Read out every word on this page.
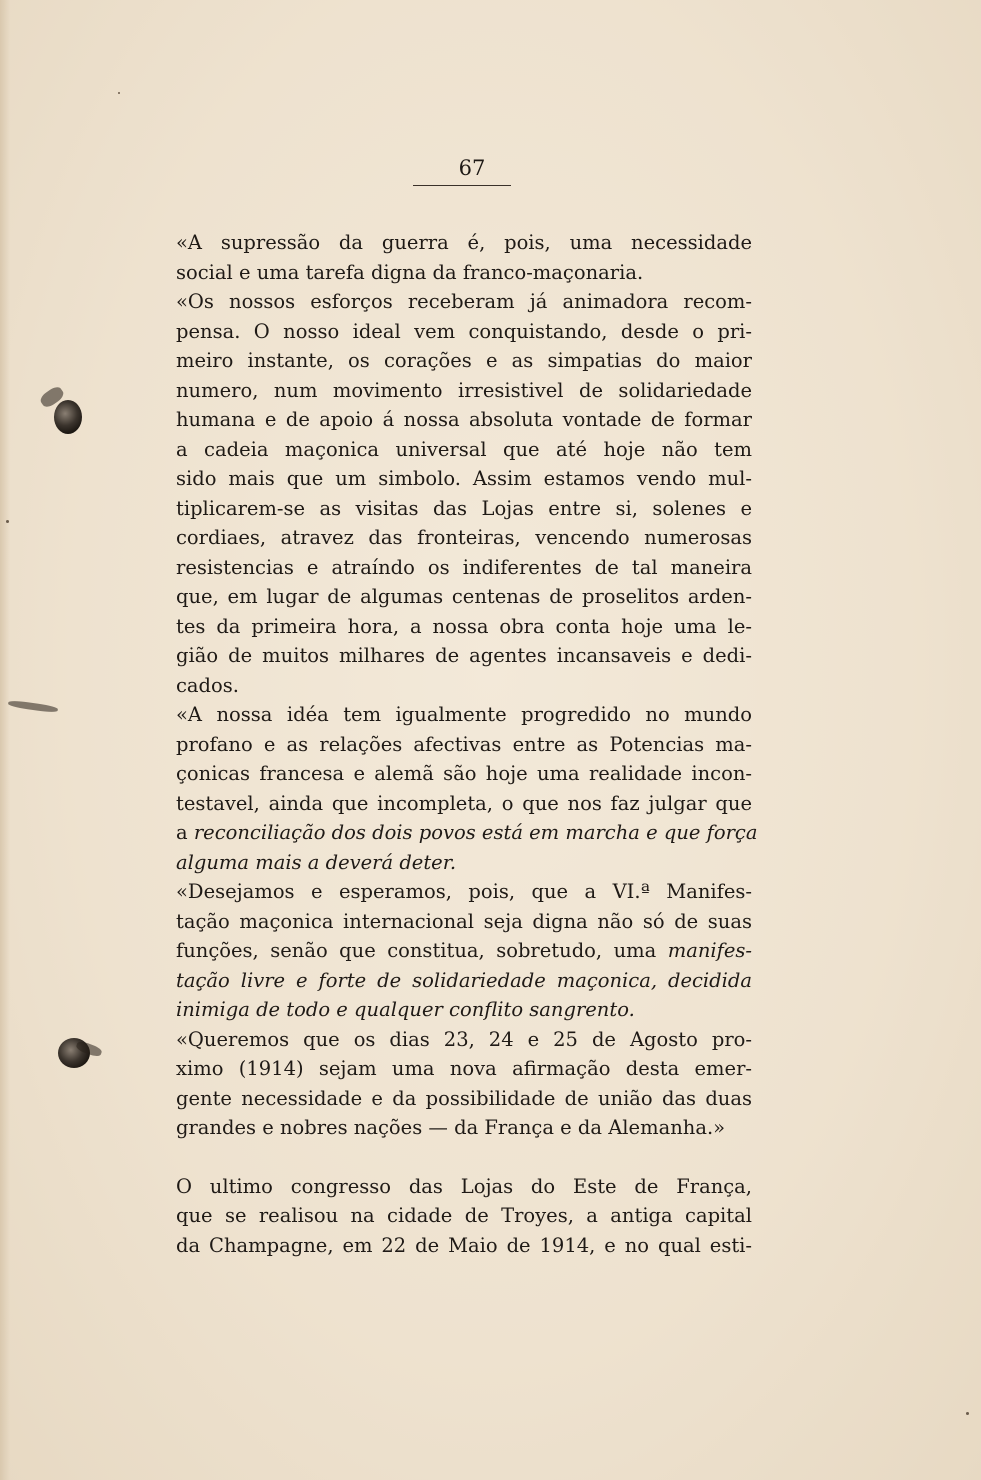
67
«A supressão da guerra é, pois, uma necessidade
social e uma tarefa digna da franco-maçonaria.
«Os nossos esforços receberam já animadora recom-
pensa. O nosso ideal vem conquistando, desde o pri-
meiro instante, os corações e as simpatias do maior
numero, num movimento irresistivel de solidariedade
humana e de apoio á nossa absoluta vontade de formar
a cadeia maçonica universal que até hoje não tem
sido mais que um simbolo. Assim estamos vendo mul-
tiplicarem-se as visitas das Lojas entre si, solenes e
cordiaes, atravez das fronteiras, vencendo numerosas
resistencias e atraíndo os indiferentes de tal maneira
que, em lugar de algumas centenas de proselitos arden-
tes da primeira hora, a nossa obra conta hoje uma le-
gião de muitos milhares de agentes incansaveis e dedi-
cados.
«A nossa idéa tem igualmente progredido no mundo
profano e as relações afectivas entre as Potencias ma-
çonicas francesa e alemã são hoje uma realidade incon-
testavel, ainda que incompleta, o que nos faz julgar que
a reconciliação dos dois povos está em marcha e que força
alguma mais a deverá deter.
«Desejamos e esperamos, pois, que a VI.ª Manifes-
tação maçonica internacional seja digna não só de suas
funções, senão que constitua, sobretudo, uma manifes-
tação livre e forte de solidariedade maçonica, decidida
inimiga de todo e qualquer conflito sangrento.
«Queremos que os dias 23, 24 e 25 de Agosto pro-
ximo (1914) sejam uma nova afirmação desta emer-
gente necessidade e da possibilidade de união das duas
grandes e nobres nações — da França e da Alemanha.»
O ultimo congresso das Lojas do Este de França,
que se realisou na cidade de Troyes, a antiga capital
da Champagne, em 22 de Maio de 1914, e no qual esti-
